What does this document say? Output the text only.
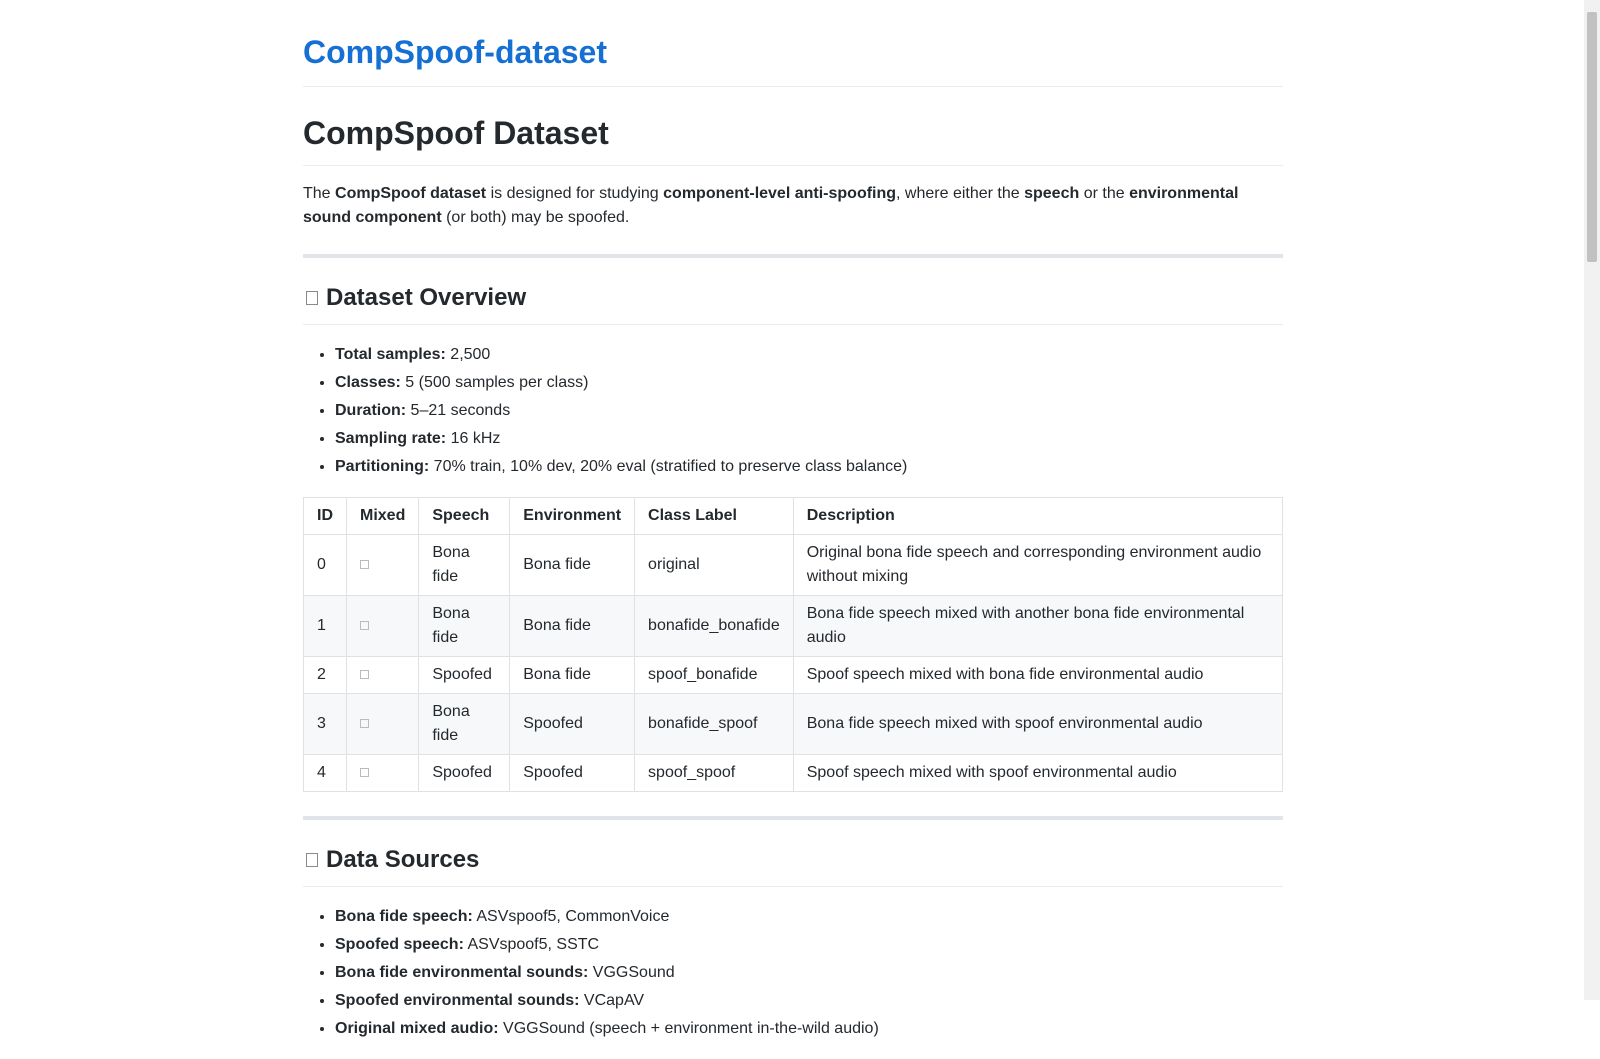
CompSpoof-dataset
CompSpoof Dataset

The CompSpoof dataset is designed for studying component-level anti-spoofing, where either the speech or the environmental sound component (or both) may be spoofed.

Dataset Overview
• Total samples: 2,500
• Classes: 5 (500 samples per class)
• Duration: 5–21 seconds
• Sampling rate: 16 kHz
• Partitioning: 70% train, 10% dev, 20% eval (stratified to preserve class balance)
ID	Mixed	Speech	Environment	Class Label	Description
0		Bona fide	Bona fide	original	Original bona fide speech and corresponding environment audio without mixing
1		Bona fide	Bona fide	bonafide_bonafide	Bona fide speech mixed with another bona fide environmental audio
2		Spoofed	Bona fide	spoof_bonafide	Spoof speech mixed with bona fide environmental audio
3		Bona fide	Spoofed	bonafide_spoof	Bona fide speech mixed with spoof environmental audio
4		Spoofed	Spoofed	spoof_spoof	Spoof speech mixed with spoof environmental audio
Data Sources
• Bona fide speech: ASVspoof5, CommonVoice
• Spoofed speech: ASVspoof5, SSTC
• Bona fide environmental sounds: VGGSound
• Spoofed environmental sounds: VCapAV
• Original mixed audio: VGGSound (speech + environment in-the-wild audio)
